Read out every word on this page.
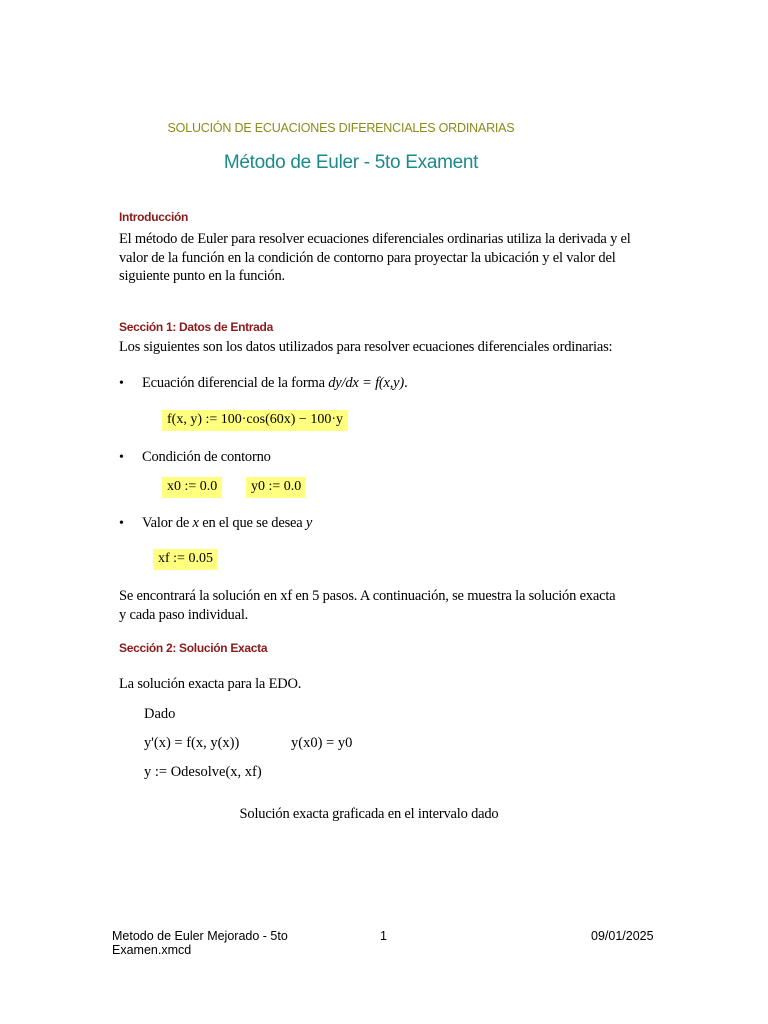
SOLUCIÓN DE ECUACIONES DIFERENCIALES ORDINARIAS
Método de Euler - 5to Exament
Introducción
El método de Euler para resolver ecuaciones diferenciales ordinarias utiliza la derivada y el valor de la función en la condición de contorno para proyectar la ubicación y el valor del siguiente punto en la función.
Sección 1: Datos de Entrada
Los siguientes son los datos utilizados para resolver ecuaciones diferenciales ordinarias:
• Ecuación diferencial de la forma dy/dx = f(x,y).
f(x, y) := 100·cos(60x) − 100·y
• Condición de contorno
x0 := 0.0	y0 := 0.0
• Valor de x en el que se desea y
xf := 0.05
Se encontrará la solución en xf en 5 pasos. A continuación, se muestra la solución exacta y cada paso individual.
Sección 2: Solución Exacta
La solución exacta para la EDO.
Dado
y'(x) = f(x, y(x))	y(x0) = y0
y := Odesolve(x, xf)
Solución exacta graficada en el intervalo dado
Metodo de Euler Mejorado - 5to
Examen.xmcd
1	09/01/2025
